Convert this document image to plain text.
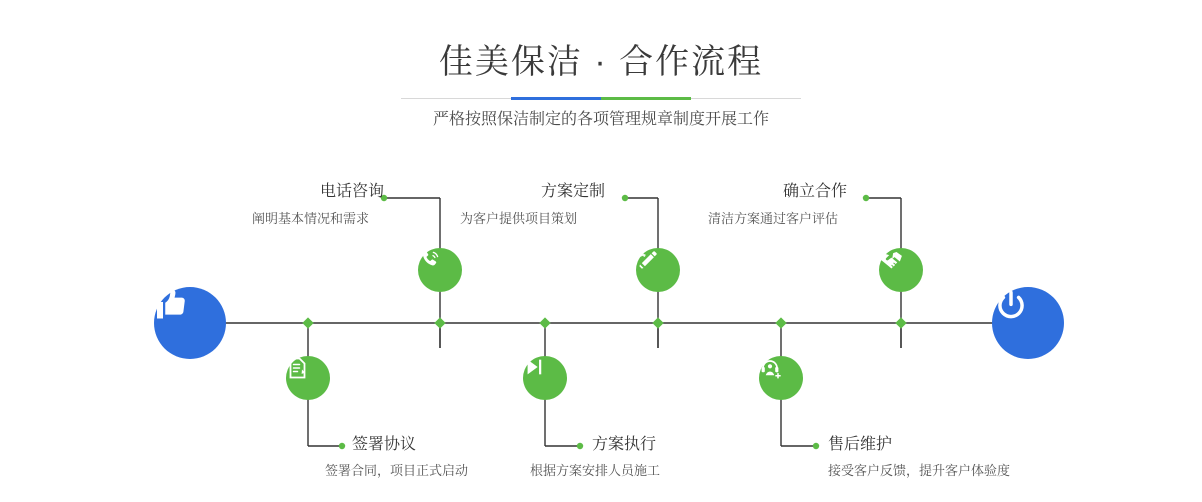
佳美保洁 · 合作流程
严格按照保洁制定的各项管理规章制度开展工作
电话咨询
阐明基本情况和需求
方案定制
为客户提供项目策划
确立合作
清洁方案通过客户评估
签署协议
签署合同，项目正式启动
方案执行
根据方案安排人员施工
售后维护
接受客户反馈，提升客户体验度
